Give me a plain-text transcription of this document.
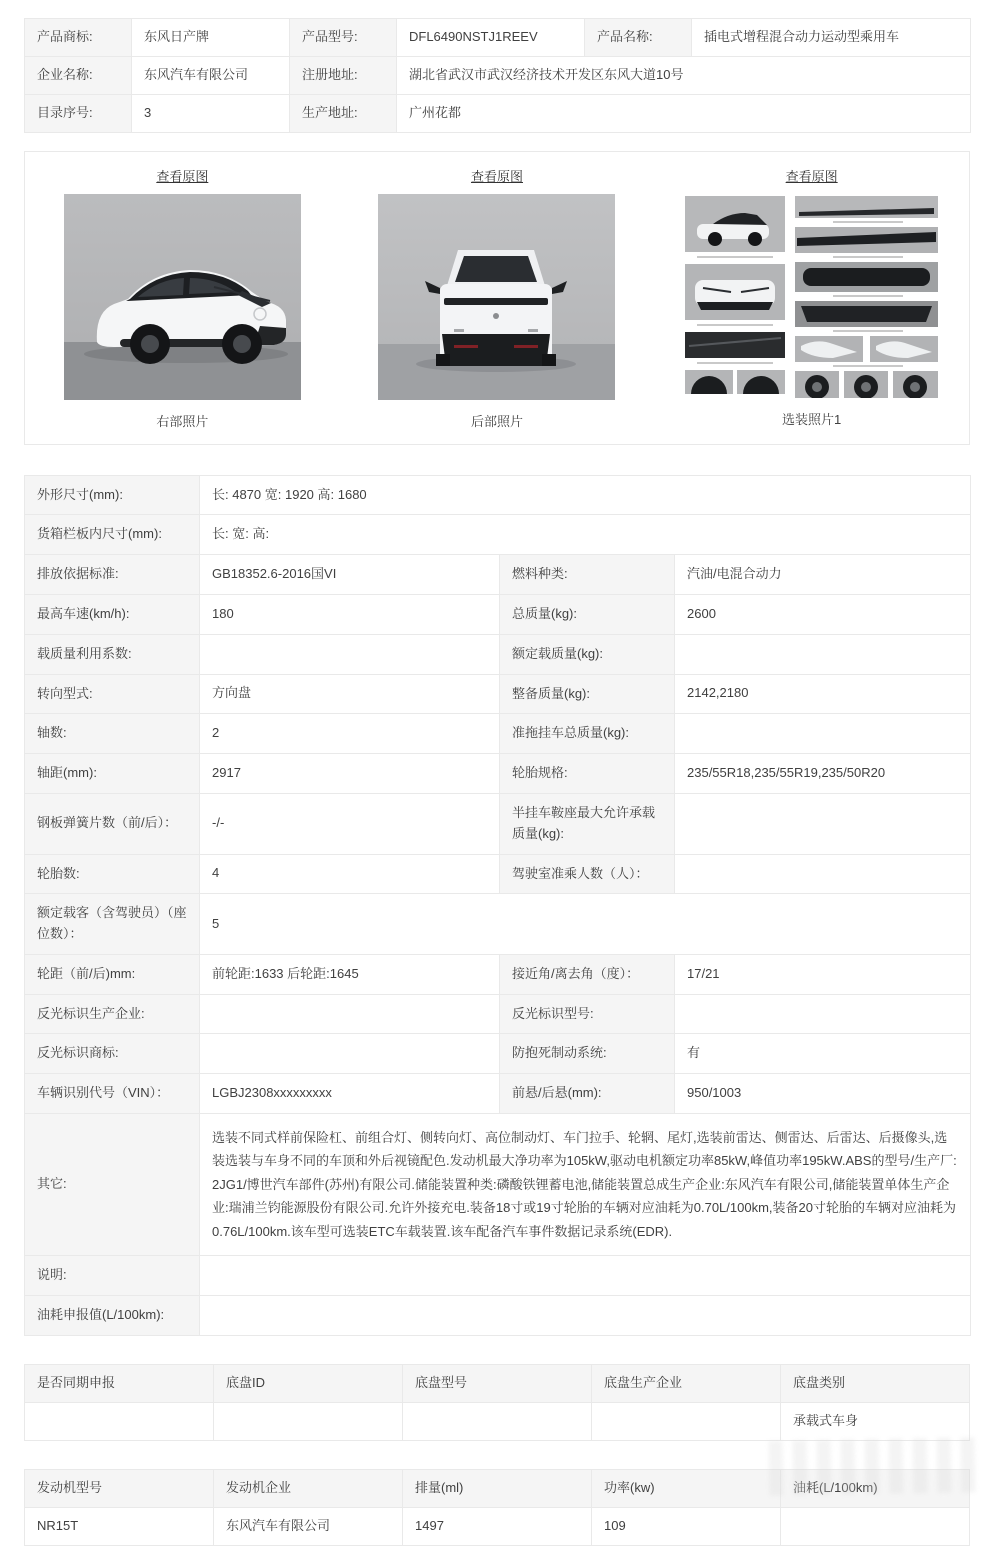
产品商标:	东风日产牌	产品型号:	DFL6490NSTJ1REEV	产品名称:	插电式增程混合动力运动型乘用车
企业名称:	东风汽车有限公司	注册地址:	湖北省武汉市武汉经济技术开发区东风大道10号		
目录序号:	3	生产地址:	广州花都		
查看原图
右部照片
查看原图
后部照片
查看原图
选装照片1
外形尺寸(mm):	长: 4870 宽: 1920 高: 1680		
货箱栏板内尺寸(mm):	长: 宽: 高:		
排放依据标准:	GB18352.6-2016国VI	燃料种类:	汽油/电混合动力
最高车速(km/h):	180	总质量(kg):	2600
载质量利用系数:		额定载质量(kg):	
转向型式:	方向盘	整备质量(kg):	2142,2180
轴数:	2	准拖挂车总质量(kg):	
轴距(mm):	2917	轮胎规格:	235/55R18,235/55R19,235/50R20
钢板弹簧片数（前/后）：	-/-	半挂车鞍座最大允许承载质量(kg):	
轮胎数:	4	驾驶室准乘人数（人）：	
额定载客（含驾驶员）（座位数）：	5		
轮距（前/后)mm:	前轮距:1633 后轮距:1645	接近角/离去角（度）：	17/21
反光标识生产企业:		反光标识型号:	
反光标识商标:		防抱死制动系统:	有
车辆识别代号（VIN）：	LGBJ2308xxxxxxxxx	前悬/后悬(mm):	950/1003
其它:	选装不同式样前保险杠、前组合灯、侧转向灯、高位制动灯、车门拉手、轮辋、尾灯,选装前雷达、侧雷达、后雷达、后摄像头,选装选装与车身不同的车顶和外后视镜配色.发动机最大净功率为105kW,驱动电机额定功率85kW,峰值功率195kW.ABS的型号/生产厂:2JG1/博世汽车部件(苏州)有限公司.储能装置种类:磷酸铁锂蓄电池,储能装置总成生产企业:东风汽车有限公司,储能装置单体生产企业:瑞浦兰钧能源股份有限公司.允许外接充电.装备18寸或19寸轮胎的车辆对应油耗为0.70L/100km,装备20寸轮胎的车辆对应油耗为0.76L/100km.该车型可选装ETC车载装置.该车配备汽车事件数据记录系统(EDR).		
说明:			
油耗申报值(L/100km):			
是否同期申报	底盘ID	底盘型号	底盘生产企业	底盘类别
				承载式车身
发动机型号	发动机企业	排量(ml)	功率(kw)	油耗(L/100km)
NR15T	东风汽车有限公司	1497	109	
